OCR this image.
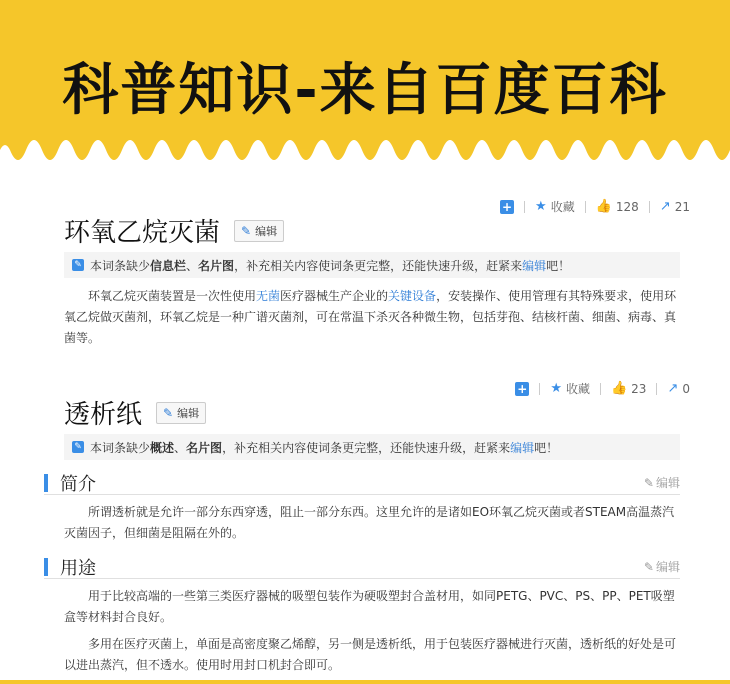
科普知识-来自百度百科
+ ★ 收藏 👍 128 ↗ 21
环氧乙烷灭菌 ✎ 编辑
✎ 本词条缺少 信息栏 、 名片图 ，补充相关内容使词条更完整，还能快速升级，赶紧来 编辑 吧！
环氧乙烷灭菌装置是一次性使用无菌医疗器械生产企业的关键设备，安装操作、使用管理有其特殊要求，使用环氧乙烷做灭菌剂，环氧乙烷是一种广谱灭菌剂，可在常温下杀灭各种微生物，包括芽孢、结核杆菌、细菌、病毒、真菌等。
+ ★ 收藏 👍 23 ↗ 0
透析纸 ✎ 编辑
✎ 本词条缺少 概述 、 名片图 ，补充相关内容使词条更完整，还能快速升级，赶紧来 编辑 吧！
简介	✎ 编辑
所谓透析就是允许一部分东西穿透，阻止一部分东西。这里允许的是诸如EO环氧乙烷灭菌或者STEAM高温蒸汽灭菌因子，但细菌是阻隔在外的。
用途	✎ 编辑
用于比较高端的一些第三类医疗器械的吸塑包装作为硬吸塑封合盖材用，如同PETG、PVC、PS、PP、PET吸塑盒等材料封合良好。
多用在医疗灭菌上，单面是高密度聚乙烯醇，另一侧是透析纸，用于包装医疗器械进行灭菌，透析纸的好处是可以进出蒸汽，但不透水。使用时用封口机封合即可。
